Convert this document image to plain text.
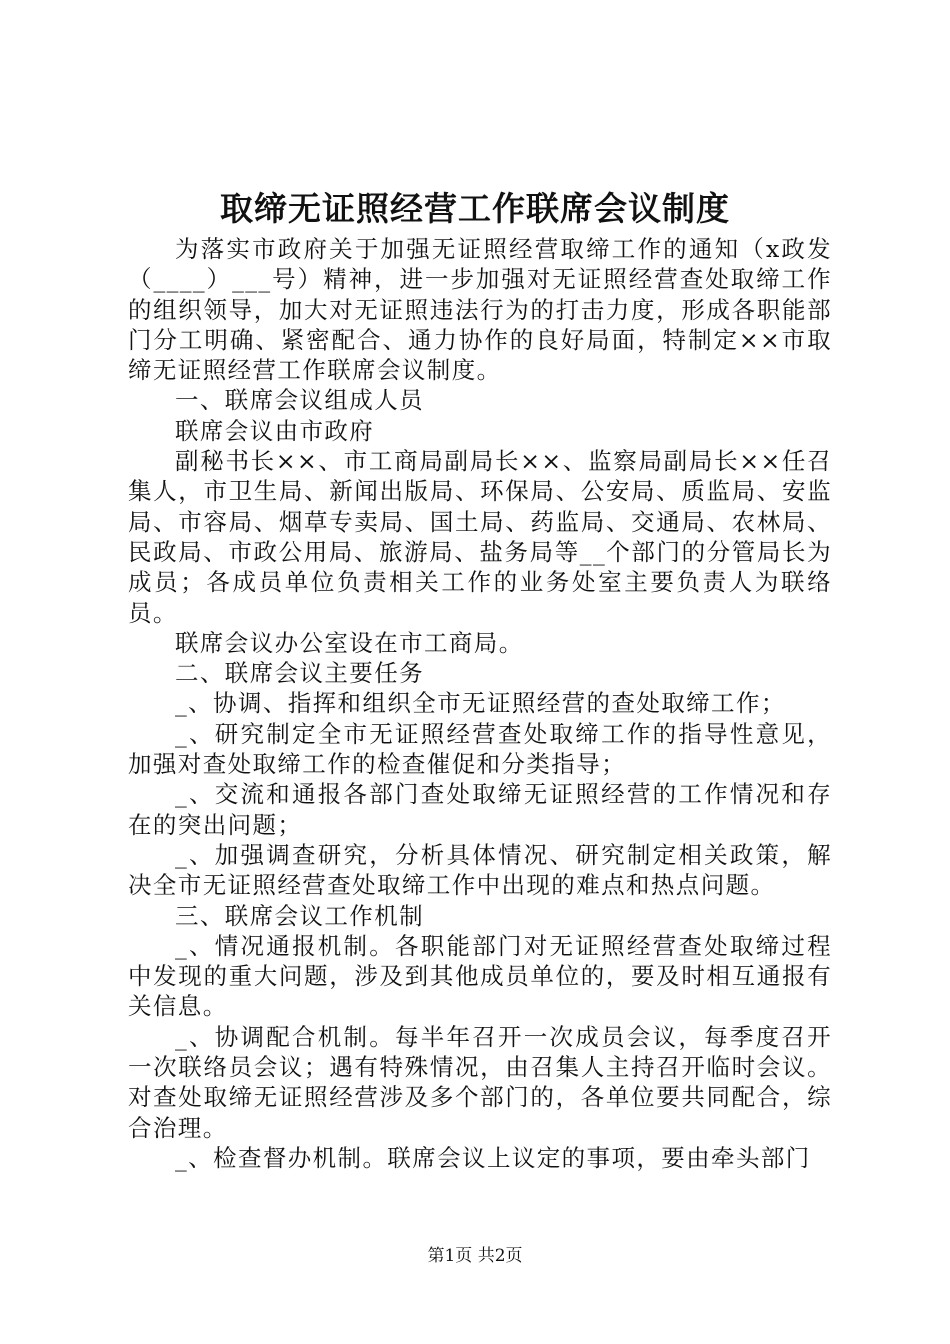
取缔无证照经营工作联席会议制度

为落实市政府关于加强无证照经营取缔工作的通知（x政发（____）___号）精神，进一步加强对无证照经营查处取缔工作的组织领导，加大对无证照违法行为的打击力度，形成各职能部门分工明确、紧密配合、通力协作的良好局面，特制定××市取缔无证照经营工作联席会议制度。

一、联席会议组成人员

联席会议由市政府

副秘书长××、市工商局副局长××、监察局副局长××任召集人，市卫生局、新闻出版局、环保局、公安局、质监局、安监局、市容局、烟草专卖局、国土局、药监局、交通局、农林局、民政局、市政公用局、旅游局、盐务局等__个部门的分管局长为成员；各成员单位负责相关工作的业务处室主要负责人为联络员。

联席会议办公室设在市工商局。

二、联席会议主要任务

_、协调、指挥和组织全市无证照经营的查处取缔工作；

_、研究制定全市无证照经营查处取缔工作的指导性意见，加强对查处取缔工作的检查催促和分类指导；

_、交流和通报各部门查处取缔无证照经营的工作情况和存在的突出问题；

_、加强调查研究，分析具体情况、研究制定相关政策，解决全市无证照经营查处取缔工作中出现的难点和热点问题。

三、联席会议工作机制

_、情况通报机制。各职能部门对无证照经营查处取缔过程中发现的重大问题，涉及到其他成员单位的，要及时相互通报有关信息。

_、协调配合机制。每半年召开一次成员会议，每季度召开一次联络员会议；遇有特殊情况，由召集人主持召开临时会议。对查处取缔无证照经营涉及多个部门的，各单位要共同配合，综合治理。

_、检查督办机制。联席会议上议定的事项，要由牵头部门

第1页 共2页
